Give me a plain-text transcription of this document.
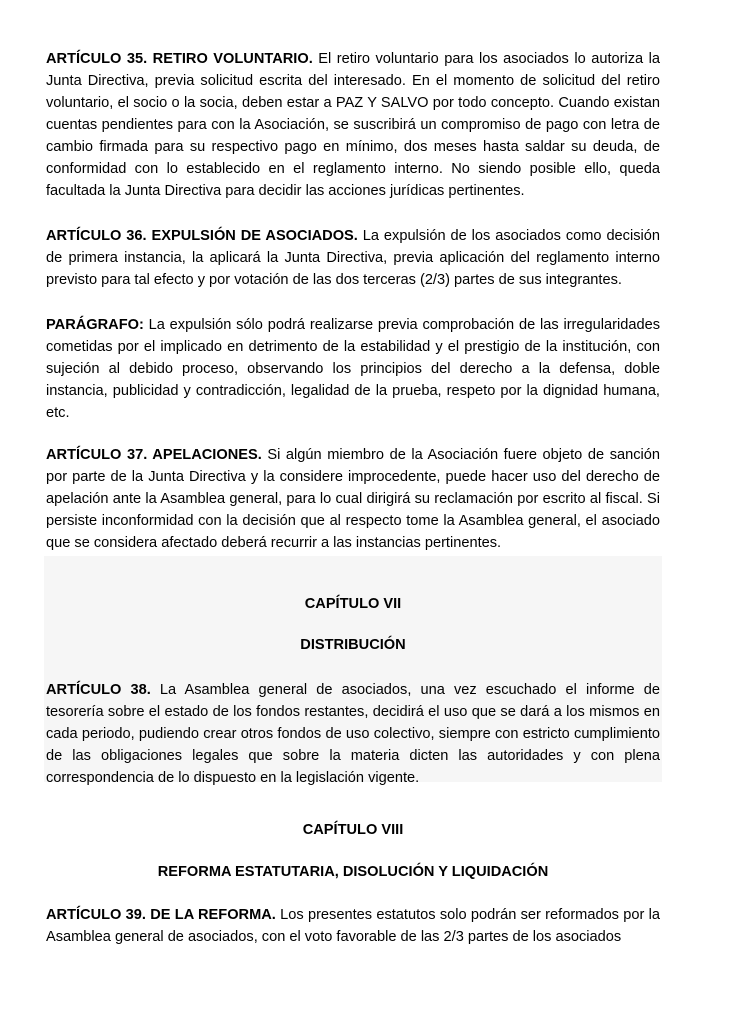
ARTÍCULO 35. RETIRO VOLUNTARIO. El retiro voluntario para los asociados lo autoriza la Junta Directiva, previa solicitud escrita del interesado. En el momento de solicitud del retiro voluntario, el socio o la socia, deben estar a PAZ Y SALVO por todo concepto. Cuando existan cuentas pendientes para con la Asociación, se suscribirá un compromiso de pago con letra de cambio firmada para su respectivo pago en mínimo, dos meses hasta saldar su deuda, de conformidad con lo establecido en el reglamento interno. No siendo posible ello, queda facultada la Junta Directiva para decidir las acciones jurídicas pertinentes.

ARTÍCULO 36. EXPULSIÓN DE ASOCIADOS. La expulsión de los asociados como decisión de primera instancia, la aplicará la Junta Directiva, previa aplicación del reglamento interno previsto para tal efecto y por votación de las dos terceras (2/3) partes de sus integrantes.

PARÁGRAFO: La expulsión sólo podrá realizarse previa comprobación de las irregularidades cometidas por el implicado en detrimento de la estabilidad y el prestigio de la institución, con sujeción al debido proceso, observando los principios del derecho a la defensa, doble instancia, publicidad y contradicción, legalidad de la prueba, respeto por la dignidad humana, etc.

ARTÍCULO 37. APELACIONES. Si algún miembro de la Asociación fuere objeto de sanción por parte de la Junta Directiva y la considere improcedente, puede hacer uso del derecho de apelación ante la Asamblea general, para lo cual dirigirá su reclamación por escrito al fiscal. Si persiste inconformidad con la decisión que al respecto tome la Asamblea general, el asociado que se considera afectado deberá recurrir a las instancias pertinentes.

CAPÍTULO VII
DISTRIBUCIÓN

ARTÍCULO 38. La Asamblea general de asociados, una vez escuchado el informe de tesorería sobre el estado de los fondos restantes, decidirá el uso que se dará a los mismos en cada periodo, pudiendo crear otros fondos de uso colectivo, siempre con estricto cumplimiento de las obligaciones legales que sobre la materia dicten las autoridades y con plena correspondencia de lo dispuesto en la legislación vigente.

CAPÍTULO VIII
REFORMA ESTATUTARIA, DISOLUCIÓN Y LIQUIDACIÓN

ARTÍCULO 39. DE LA REFORMA. Los presentes estatutos solo podrán ser reformados por la Asamblea general de asociados, con el voto favorable de las 2/3 partes de los asociados
